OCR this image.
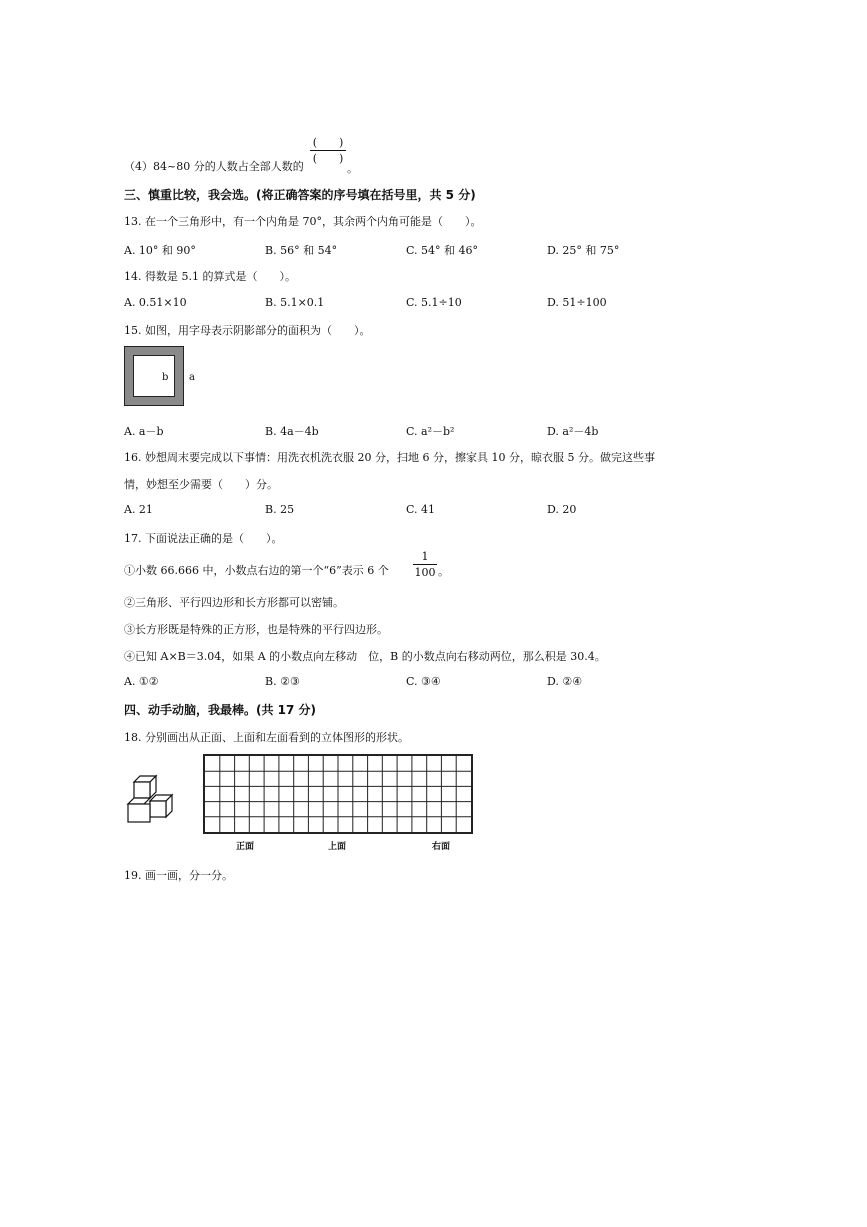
（4）84~80 分的人数占全部人数的
(　　)
(　　)
。
三、慎重比较，我会选。(将正确答案的序号填在括号里，共 5 分)
13. 在一个三角形中，有一个内角是 70°，其余两个内角可能是（　　）。
A. 10° 和 90°	B. 56° 和 54°	C. 54° 和 46°	D. 25° 和 75°
14. 得数是 5.1 的算式是（　　）。
A. 0.51×10	B. 5.1×0.1	C. 5.1÷10	D. 51÷100
15. 如图，用字母表示阴影部分的面积为（　　）。
b a
A. a－b	B. 4a－4b	C. a²－b²	D. a²－4b
16. 妙想周末要完成以下事情：用洗衣机洗衣服 20 分，扫地 6 分，擦家具 10 分，晾衣服 5 分。做完这些事
情，妙想至少需要（　　）分。
A. 21	B. 25	C. 41	D. 20
17. 下面说法正确的是（　　）。
①小数 66.666 中，小数点右边的第一个“6”表示 6 个
1
100 。
②三角形、平行四边形和长方形都可以密铺。
③长方形既是特殊的正方形，也是特殊的平行四边形。
④已知 A×B＝3.04，如果 A 的小数点向左移动　位，B 的小数点向右移动两位，那么积是 30.4。
A. ①②	B. ②③	C. ③④	D. ②④
四、动手动脑，我最棒。(共 17 分)
18. 分别画出从正面、上面和左面看到的立体图形的形状。
正面	上面	右面
19. 画一画，分一分。
